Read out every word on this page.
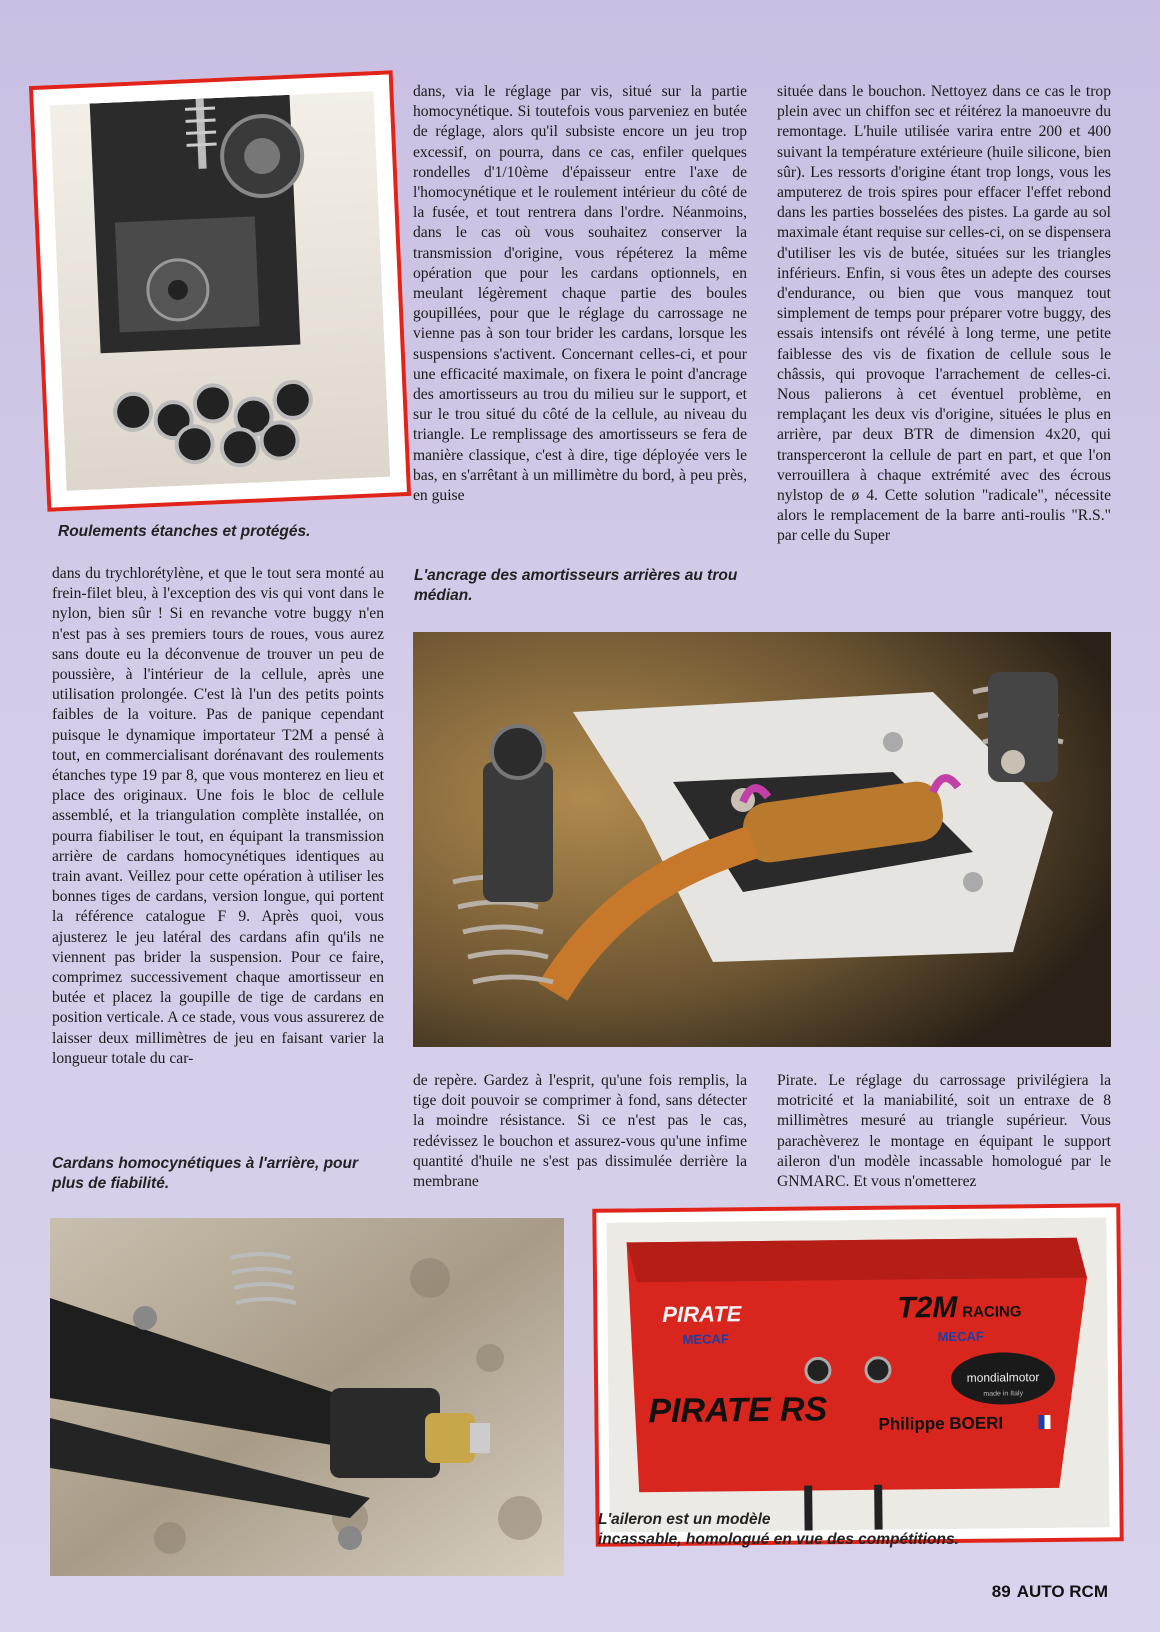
Roulements étanches et protégés.
dans, via le réglage par vis, situé sur la partie homocynétique. Si toutefois vous parveniez en butée de réglage, alors qu'il subsiste encore un jeu trop excessif, on pourra, dans ce cas, enfiler quelques rondelles d'1/10ème d'épaisseur entre l'axe de l'homocynétique et le roulement intérieur du côté de la fusée, et tout rentrera dans l'ordre. Néanmoins, dans le cas où vous souhaitez conserver la transmission d'origine, vous répéterez la même opération que pour les cardans optionnels, en meulant légèrement chaque partie des boules goupillées, pour que le réglage du carrossage ne vienne pas à son tour brider les cardans, lorsque les suspensions s'activent. Concernant celles-ci, et pour une efficacité maximale, on fixera le point d'ancrage des amortisseurs au trou du milieu sur le support, et sur le trou situé du côté de la cellule, au niveau du triangle. Le remplissage des amortisseurs se fera de manière classique, c'est à dire, tige déployée vers le bas, en s'arrêtant à un millimètre du bord, à peu près, en guise
située dans le bouchon. Nettoyez dans ce cas le trop plein avec un chiffon sec et réitérez la manoeuvre du remontage. L'huile utilisée varira entre 200 et 400 suivant la température extérieure (huile silicone, bien sûr). Les ressorts d'origine étant trop longs, vous les amputerez de trois spires pour effacer l'effet rebond dans les parties bosselées des pistes. La garde au sol maximale étant requise sur celles-ci, on se dispensera d'utiliser les vis de butée, situées sur les triangles inférieurs. Enfin, si vous êtes un adepte des courses d'endurance, ou bien que vous manquez tout simplement de temps pour préparer votre buggy, des essais intensifs ont révélé à long terme, une petite faiblesse des vis de fixation de cellule sous le châssis, qui provoque l'arrachement de celles-ci. Nous palierons à cet éventuel problème, en remplaçant les deux vis d'origine, situées le plus en arrière, par deux BTR de dimension 4x20, qui transperceront la cellule de part en part, et que l'on verrouillera à chaque extrémité avec des écrous nylstop de ø 4. Cette solution "radicale", nécessite alors le remplacement de la barre anti-roulis "R.S." par celle du Super
L'ancrage des amortisseurs arrières au trou médian.
dans du trychlorétylène, et que le tout sera monté au frein-filet bleu, à l'exception des vis qui vont dans le nylon, bien sûr ! Si en revanche votre buggy n'en n'est pas à ses premiers tours de roues, vous aurez sans doute eu la déconvenue de trouver un peu de poussière, à l'intérieur de la cellule, après une utilisation prolongée. C'est là l'un des petits points faibles de la voiture. Pas de panique cependant puisque le dynamique importateur T2M a pensé à tout, en commercialisant dorénavant des roulements étanches type 19 par 8, que vous monterez en lieu et place des originaux. Une fois le bloc de cellule assemblé, et la triangulation complète installée, on pourra fiabiliser le tout, en équipant la transmission arrière de cardans homocynétiques identiques au train avant. Veillez pour cette opération à utiliser les bonnes tiges de cardans, version longue, qui portent la référence catalogue F 9. Après quoi, vous ajusterez le jeu latéral des cardans afin qu'ils ne viennent pas brider la suspension. Pour ce faire, comprimez successivement chaque amortisseur en butée et placez la goupille de tige de cardans en position verticale. A ce stade, vous vous assurerez de laisser deux millimètres de jeu en faisant varier la longueur totale du car-
Cardans homocynétiques à l'arrière, pour plus de fiabilité.
de repère. Gardez à l'esprit, qu'une fois remplis, la tige doit pouvoir se comprimer à fond, sans détecter la moindre résistance. Si ce n'est pas le cas, redévissez le bouchon et assurez-vous qu'une infime quantité d'huile ne s'est pas dissimulée derrière la membrane
Pirate. Le réglage du carrossage privilégiera la motricité et la maniabilité, soit un entraxe de 8 millimètres mesuré au triangle supérieur. Vous parachèverez le montage en équipant le support aileron d'un modèle incassable homologué par le GNMARC. Et vous n'ometterez
PIRATE
MECAF
T2M RACING
MECAF
PIRATE RS
mondialmotor
made in Italy
Philippe BOERI
L'aileron est un modèle
incassable, homologué en vue des compétitions.
89 AUTO RCM
